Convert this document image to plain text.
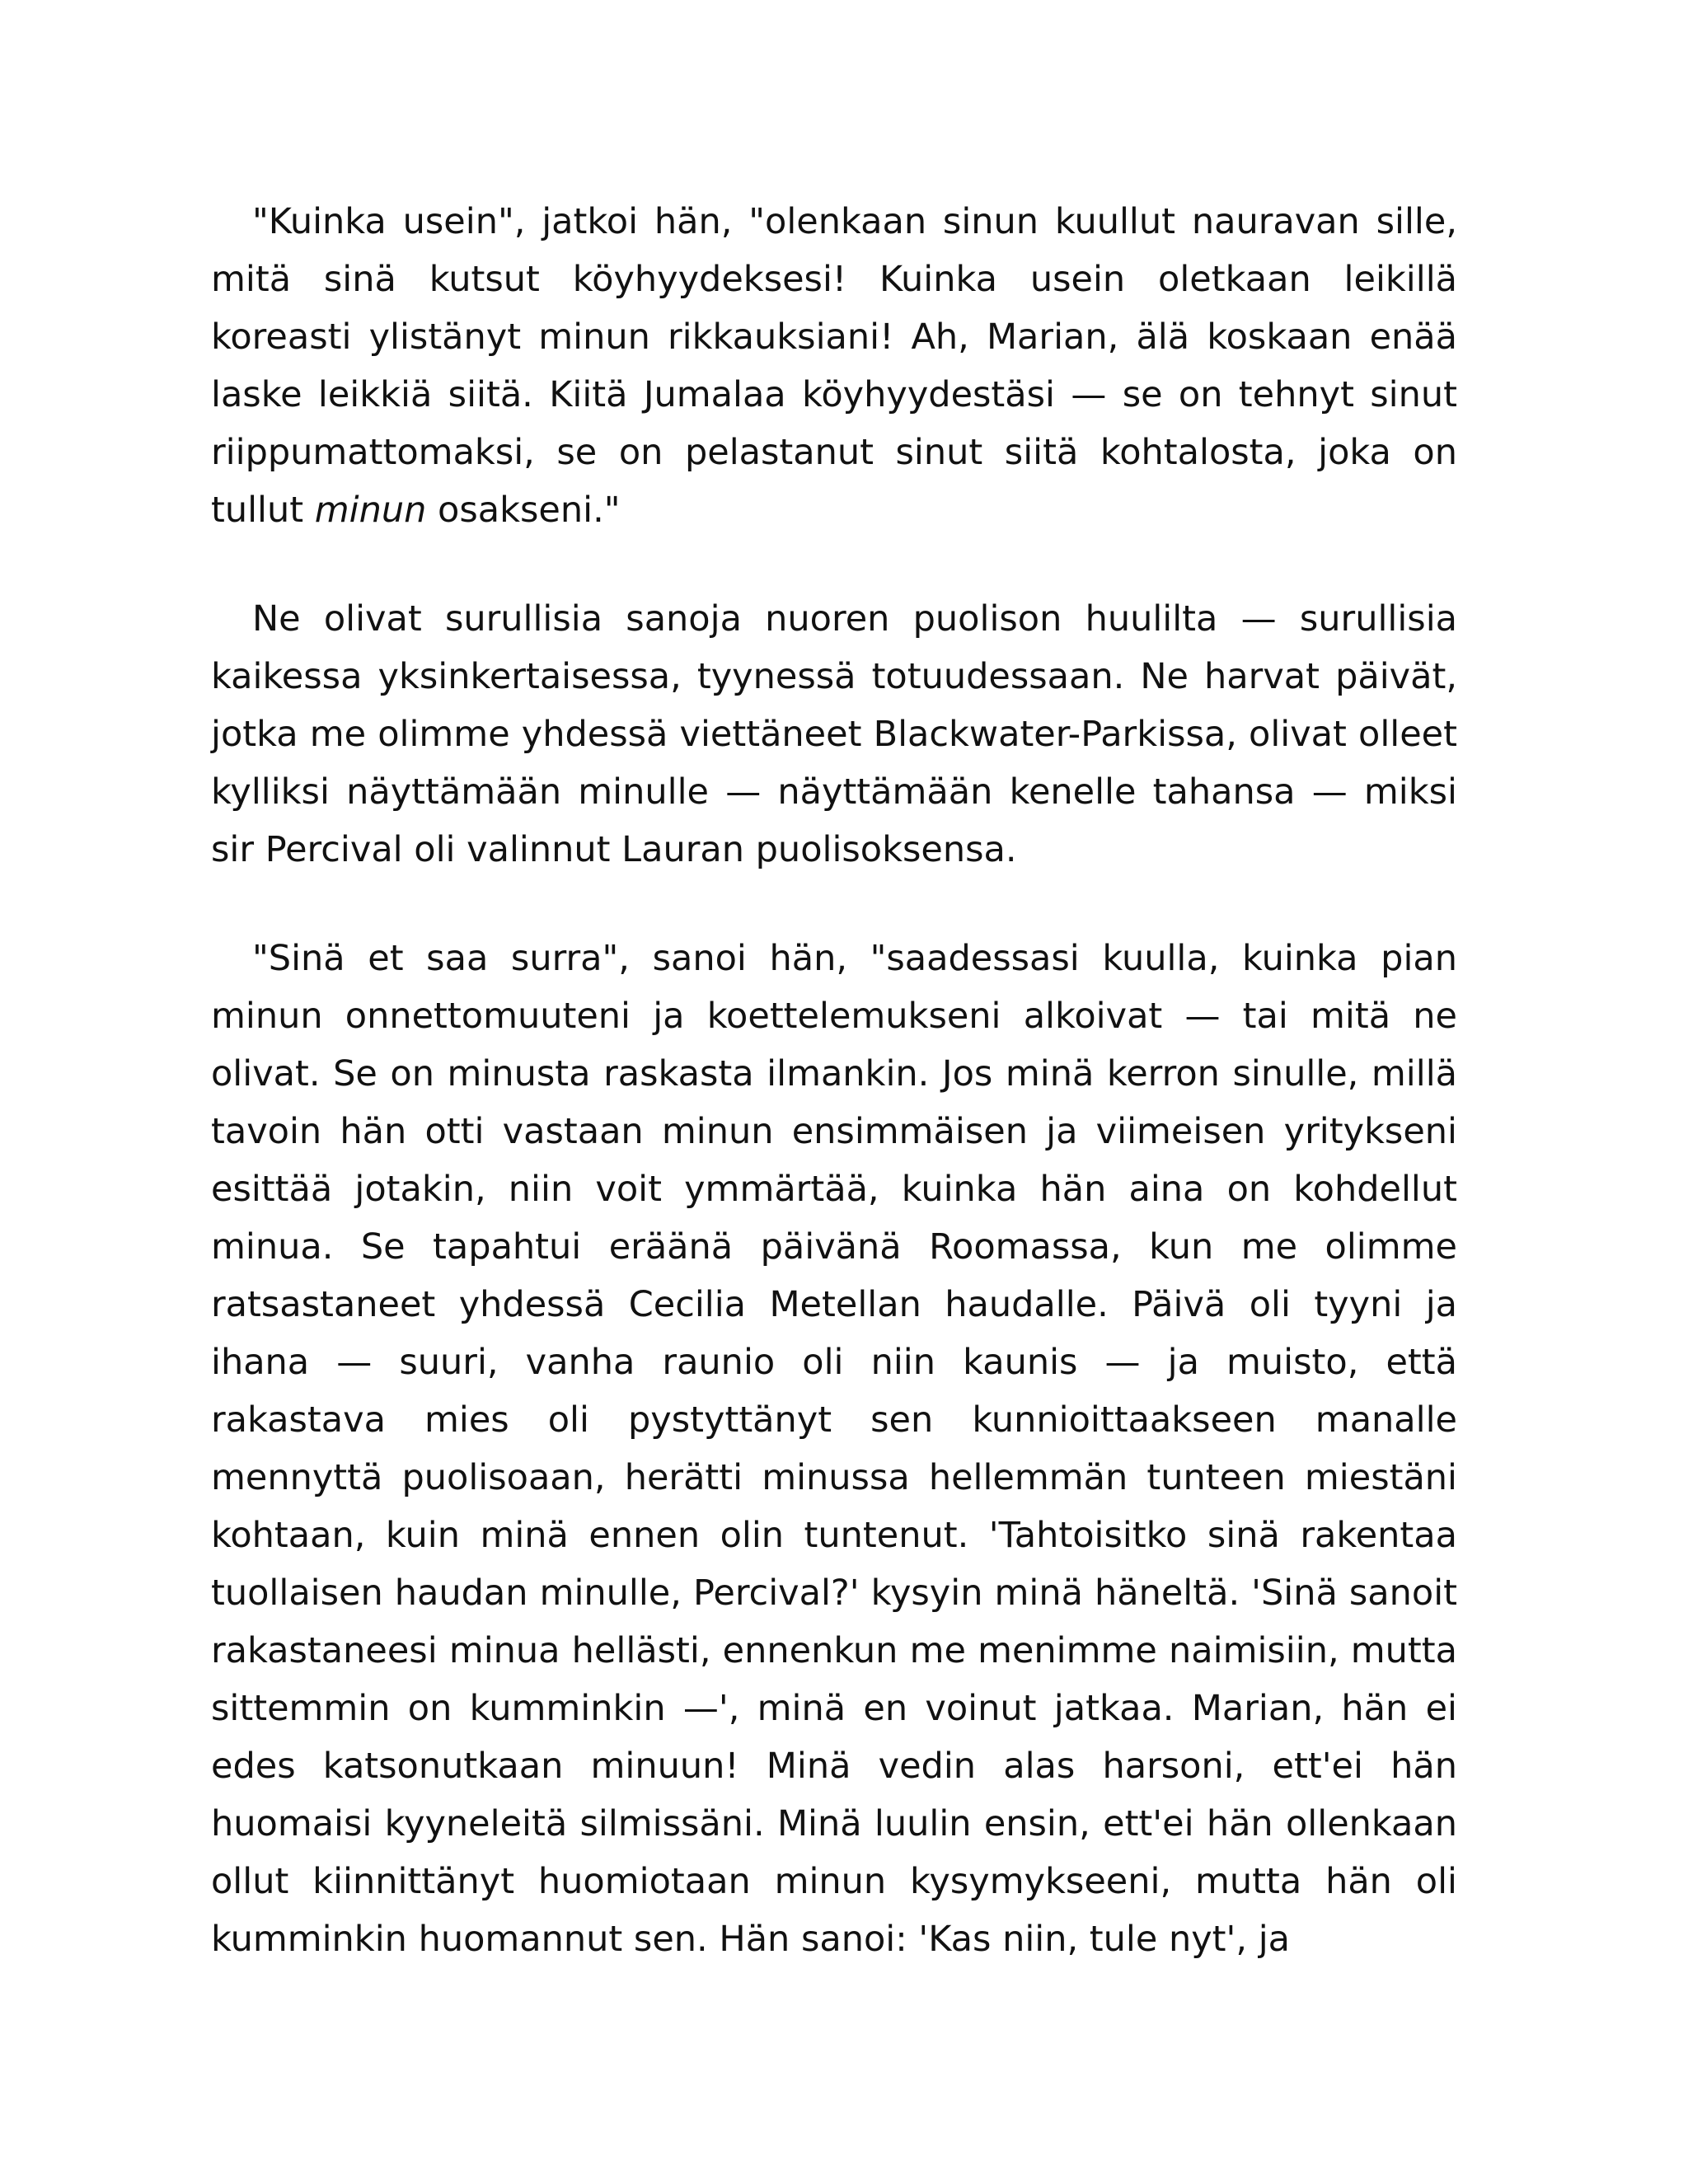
"Kuinka usein", jatkoi hän, "olenkaan sinun kuullut nauravan sille, mitä sinä kutsut köyhyydeksesi! Kuinka usein oletkaan leikillä koreasti ylistänyt minun rikkauksiani! Ah, Marian, älä koskaan enää laske leikkiä siitä. Kiitä Jumalaa köyhyydestäsi — se on tehnyt sinut riippumattomaksi, se on pelastanut sinut siitä kohtalosta, joka on tullut minun osakseni."

Ne olivat surullisia sanoja nuoren puolison huulilta — surullisia kaikessa yksinkertaisessa, tyynessä totuudessaan. Ne harvat päivät, jotka me olimme yhdessä viettäneet Blackwater-Parkissa, olivat olleet kylliksi näyttämään minulle — näyttämään kenelle tahansa — miksi sir Percival oli valinnut Lauran puolisoksensa.

"Sinä et saa surra", sanoi hän, "saadessasi kuulla, kuinka pian minun onnettomuuteni ja koettelemukseni alkoivat — tai mitä ne olivat. Se on minusta raskasta ilmankin. Jos minä kerron sinulle, millä tavoin hän otti vastaan minun ensimmäisen ja viimeisen yritykseni esittää jotakin, niin voit ymmärtää, kuinka hän aina on kohdellut minua. Se tapahtui eräänä päivänä Roomassa, kun me olimme ratsastaneet yhdessä Cecilia Metellan haudalle. Päivä oli tyyni ja ihana — suuri, vanha raunio oli niin kaunis — ja muisto, että rakastava mies oli pystyttänyt sen kunnioittaakseen manalle mennyttä puolisoaan, herätti minussa hellemmän tunteen miestäni kohtaan, kuin minä ennen olin tuntenut. 'Tahtoisitko sinä rakentaa tuollaisen haudan minulle, Percival?' kysyin minä häneltä. 'Sinä sanoit rakastaneesi minua hellästi, ennenkun me menimme naimisiin, mutta sittemmin on kumminkin —', minä en voinut jatkaa. Marian, hän ei edes katsonutkaan minuun! Minä vedin alas harsoni, ett'ei hän huomaisi kyyneleitä silmissäni. Minä luulin ensin, ett'ei hän ollenkaan ollut kiinnittänyt huomiotaan minun kysymykseeni, mutta hän oli kumminkin huomannut sen. Hän sanoi: 'Kas niin, tule nyt', ja
